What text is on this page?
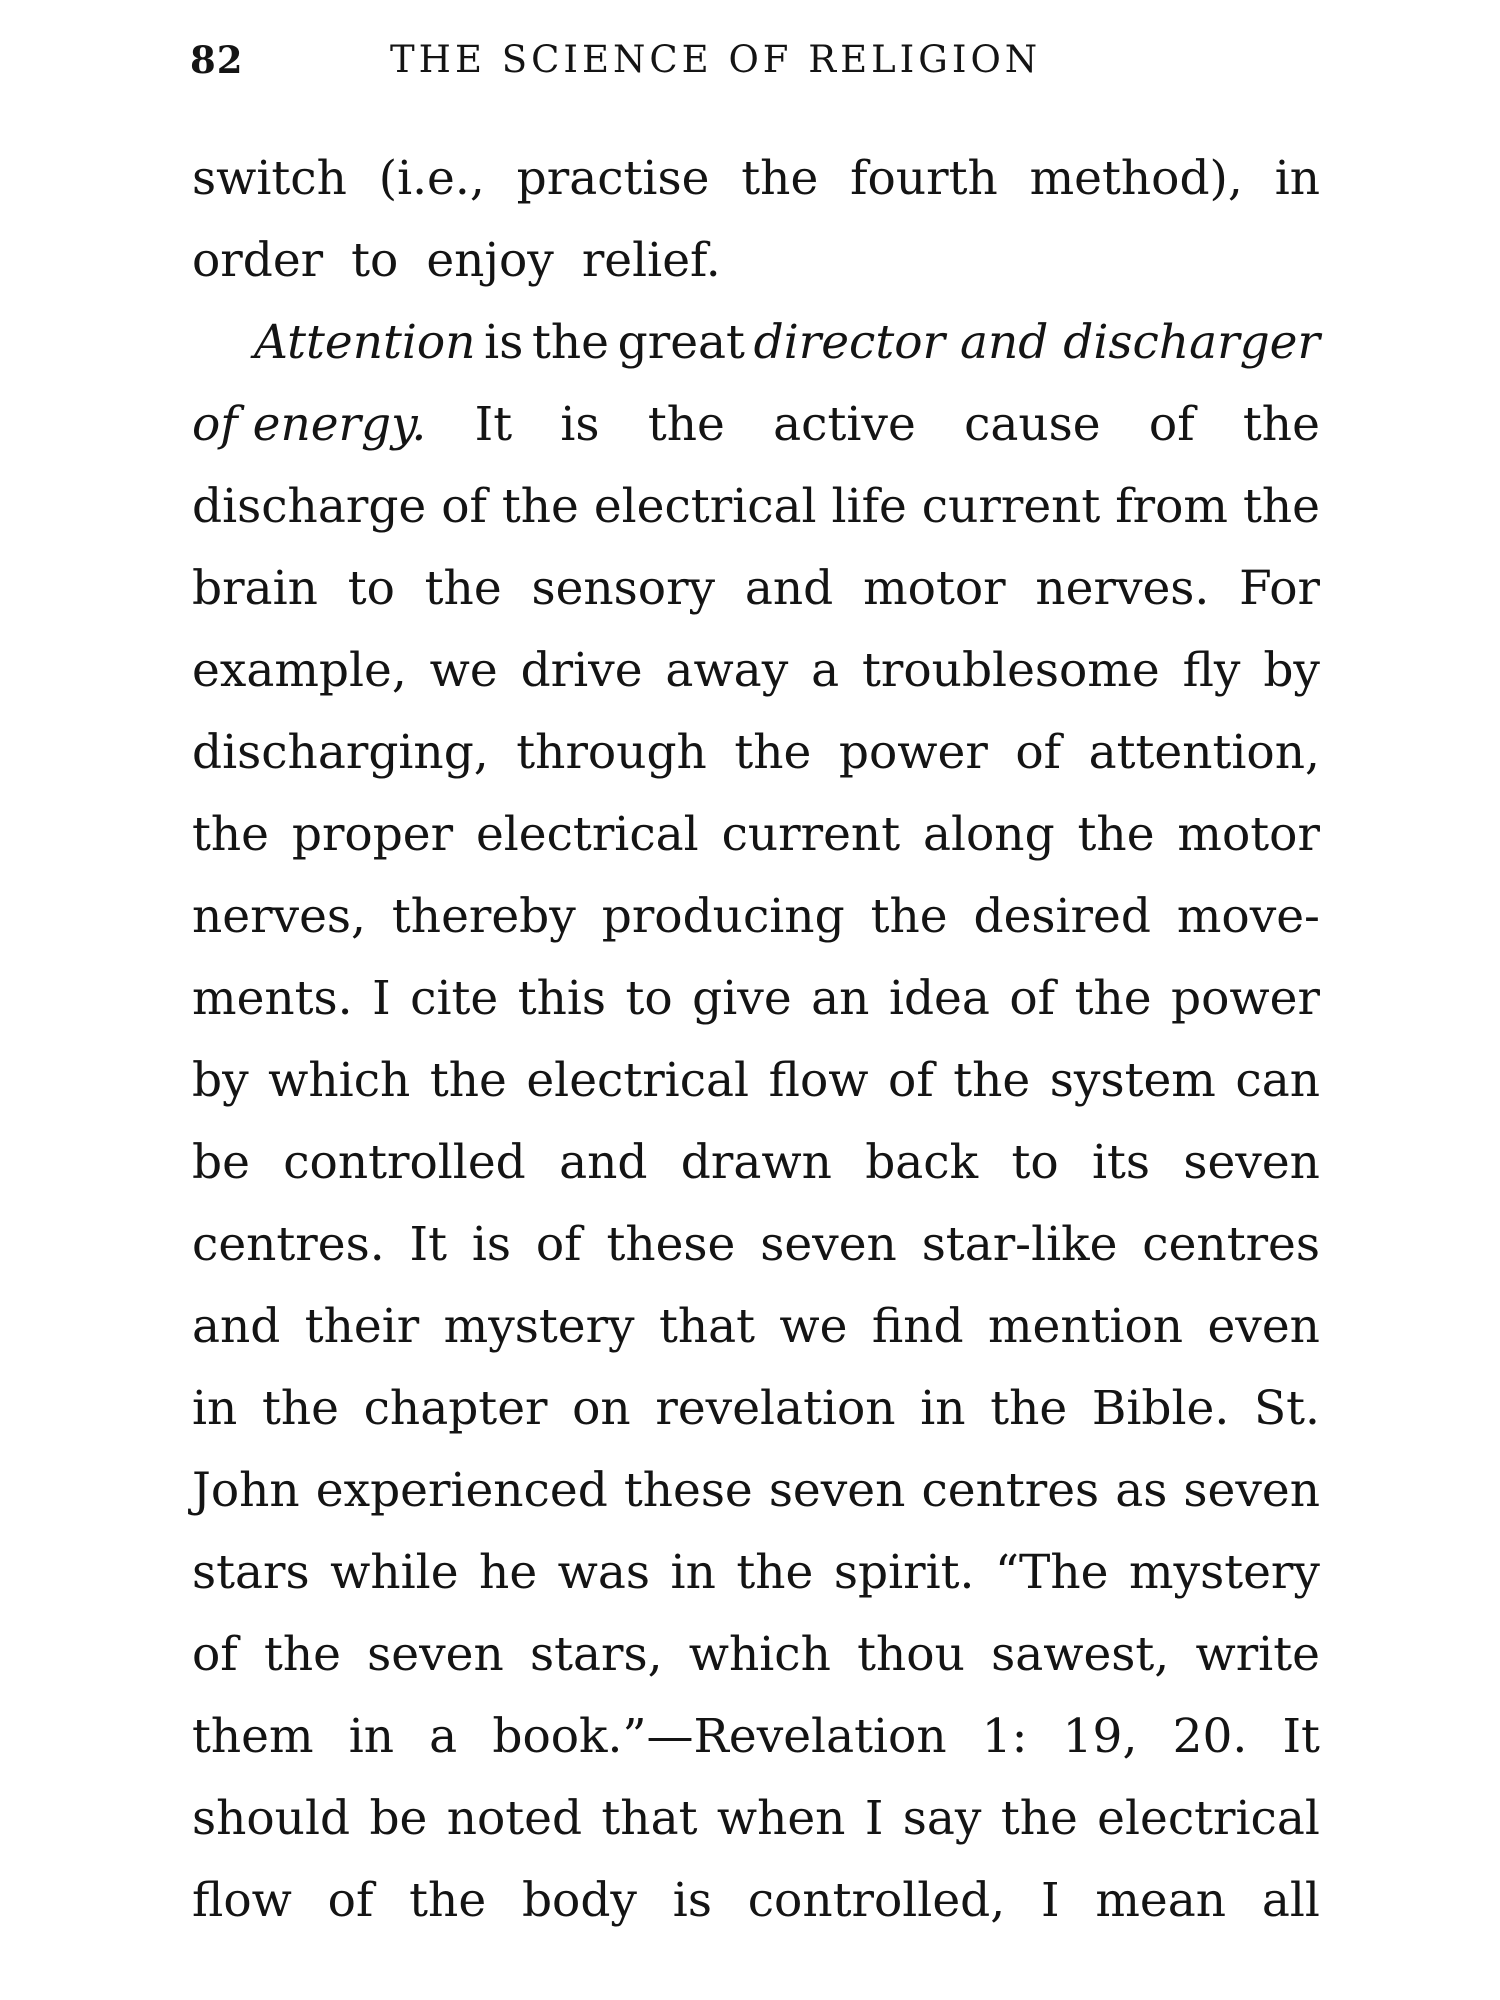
82	THE SCIENCE OF RELIGION
switch (i.e., practise the fourth method), in
order to enjoy relief.
Attention is the great director and discharger
of energy. It is the active cause of the
discharge of the electrical life current from the
brain to the sensory and motor nerves. For
example, we drive away a troublesome fly by
discharging, through the power of attention,
the proper electrical current along the motor
nerves, thereby producing the desired move-
ments. I cite this to give an idea of the power
by which the electrical flow of the system can
be controlled and drawn back to its seven
centres. It is of these seven star-like centres
and their mystery that we find mention even
in the chapter on revelation in the Bible. St.
John experienced these seven centres as seven
stars while he was in the spirit. “The mystery
of the seven stars, which thou sawest, write
them in a book.”—Revelation 1: 19, 20. It
should be noted that when I say the electrical
flow of the body is controlled, I mean all
